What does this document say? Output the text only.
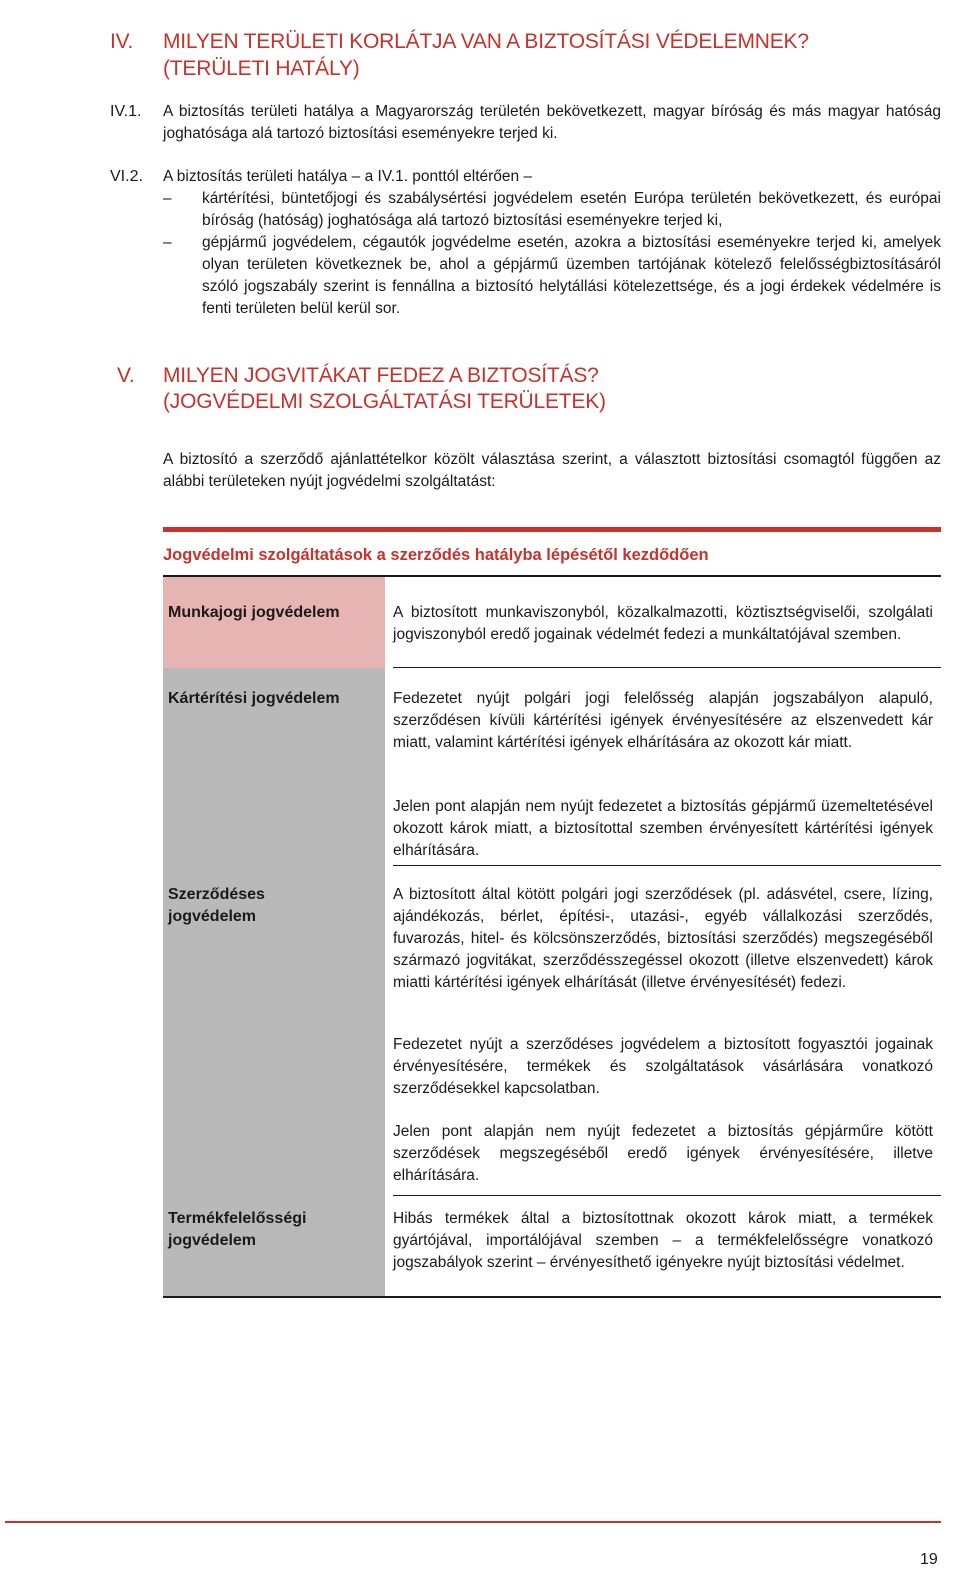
IV. MILYEN TERÜLETI KORLÁTJA VAN A BIZTOSÍTÁSI VÉDELEMNEK? (TERÜLETI HATÁLY)
IV.1. A biztosítás területi hatálya a Magyarország területén bekövetkezett, magyar bíróság és más magyar hatóság joghatósága alá tartozó biztosítási eseményekre terjed ki.
VI.2. A biztosítás területi hatálya – a IV.1. ponttól eltérően –
– kártérítési, büntetőjogi és szabálysértési jogvédelem esetén Európa területén bekövetkezett, és európai bíróság (hatóság) joghatósága alá tartozó biztosítási eseményekre terjed ki,
– gépjármű jogvédelem, cégautók jogvédelme esetén, azokra a biztosítási eseményekre terjed ki, amelyek olyan területen következnek be, ahol a gépjármű üzemben tartójának kötelező felelősségbiztosításáról szóló jogszabály szerint is fennállna a biztosító helytállási kötelezettsége, és a jogi érdekek védelmére is fenti területen belül kerül sor.
V. MILYEN JOGVITÁKAT FEDEZ A BIZTOSÍTÁS?
(JOGVÉDELMI SZOLGÁLTATÁSI TERÜLETEK)
A biztosító a szerződő ajánlattételkor közölt választása szerint, a választott biztosítási csomagtól függően az alábbi területeken nyújt jogvédelmi szolgáltatást:
Jogvédelmi szolgáltatások a szerződés hatályba lépésétől kezdődően
Munkajogi jogvédelem	A biztosított munkaviszonyból, közalkalmazotti, köztisztségviselői, szolgálati jogviszonyból eredő jogainak védelmét fedezi a munkáltatójával szemben.
Kártérítési jogvédelem	Fedezetet nyújt polgári jogi felelősség alapján jogszabályon alapuló, szerződésen kívüli kártérítési igények érvényesítésére az elszenvedett kár miatt, valamint kártérítési igények elhárítására az okozott kár miatt.
Jelen pont alapján nem nyújt fedezetet a biztosítás gépjármű üzemeltetésével okozott károk miatt, a biztosítottal szemben érvényesített kártérítési igények elhárítására.
Szerződéses jogvédelem
A biztosított által kötött polgári jogi szerződések (pl. adásvétel, csere, lízing, ajándékozás, bérlet, építési-, utazási-, egyéb vállalkozási szerződés, fuvarozás, hitel- és kölcsönszerződés, biztosítási szerződés) megszegéséből származó jogvitákat, szerződésszegéssel okozott (illetve elszenvedett) károk miatti kártérítési igények elhárítását (illetve érvényesítését) fedezi.
Fedezetet nyújt a szerződéses jogvédelem a biztosított fogyasztói jogainak érvényesítésére, termékek és szolgáltatások vásárlására vonatkozó szerződésekkel kapcsolatban.
Jelen pont alapján nem nyújt fedezetet a biztosítás gépjárműre kötött szerződések megszegéséből eredő igények érvényesítésére, illetve elhárítására.
Termékfelelősségi jogvédelem
Hibás termékek által a biztosítottnak okozott károk miatt, a termékek gyártójával, importálójával szemben – a termékfelelősségre vonatkozó jogszabályok szerint – érvényesíthető igényekre nyújt biztosítási védelmet.
19
